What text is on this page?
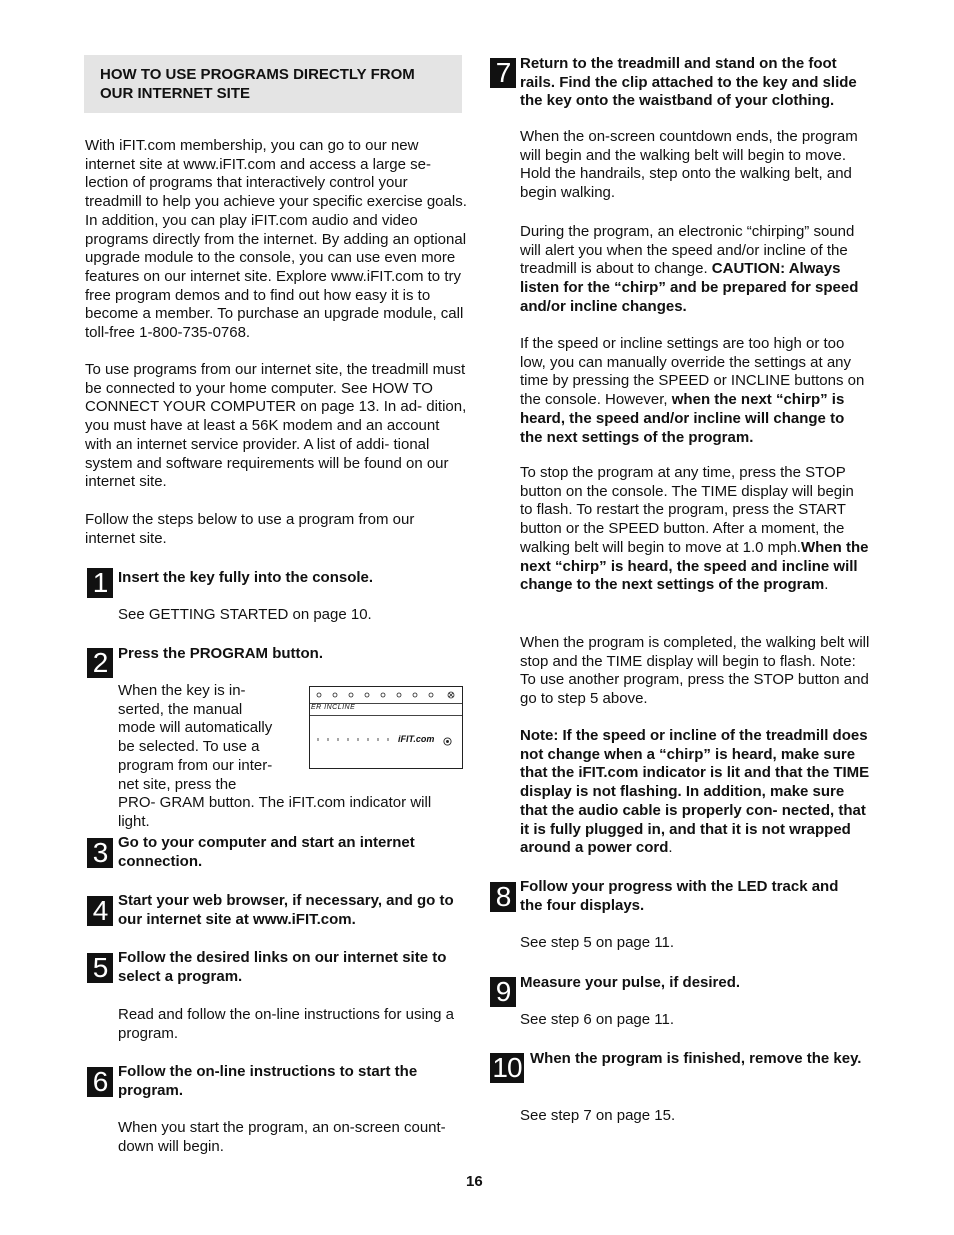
HOW TO USE PROGRAMS DIRECTLY FROM OUR INTERNET SITE

With iFIT.com membership, you can go to our new internet site at www.iFIT.com and access a large se- lection of programs that interactively control your treadmill to help you achieve your specific exercise goals. In addition, you can play iFIT.com audio and video programs directly from the internet. By adding an optional upgrade module to the console, you can use even more features on our internet site. Explore www.iFIT.com to try free program demos and to find out how easy it is to become a member. To purchase an upgrade module, call toll-free 1-800-735-0768.

To use programs from our internet site, the treadmill must be connected to your home computer. See HOW TO CONNECT YOUR COMPUTER on page 13. In ad- dition, you must have at least a 56K modem and an account with an internet service provider. A list of addi- tional system and software requirements will be found on our internet site.

Follow the steps below to use a program from our internet site.

1 Insert the key fully into the console.

See GETTING STARTED on page 10.

2 Press the PROGRAM button.

When the key is in- serted, the manual mode will automatically be selected. To use a program from our inter- net site, press the PRO- GRAM button. The iFIT.com indicator will light.

ER INCLINE
iFIT.com
3 Go to your computer and start an internet connection.

4 Start your web browser, if necessary, and go to our internet site at www.iFIT.com.

5 Follow the desired links on our internet site to select a program.

Read and follow the on-line instructions for using a program.

6 Follow the on-line instructions to start the program.

When you start the program, an on-screen count- down will begin.

7 Return to the treadmill and stand on the foot rails. Find the clip attached to the key and slide the key onto the waistband of your clothing.

When the on-screen countdown ends, the program will begin and the walking belt will begin to move. Hold the handrails, step onto the walking belt, and begin walking.

During the program, an electronic “chirping” sound will alert you when the speed and/or incline of the treadmill is about to change. CAUTION: Always listen for the “chirp” and be prepared for speed and/or incline changes.

If the speed or incline settings are too high or too low, you can manually override the settings at any time by pressing the SPEED or INCLINE buttons on the console. However, when the next “chirp” is heard, the speed and/or incline will change to the next settings of the program.

To stop the program at any time, press the STOP button on the console. The TIME display will begin to flash. To restart the program, press the START button or the SPEED button. After a moment, the walking belt will begin to move at 1.0 mph.When the next “chirp” is heard, the speed and incline will change to the next settings of the program.

When the program is completed, the walking belt will stop and the TIME display will begin to flash. Note: To use another program, press the STOP button and go to step 5 above.

Note: If the speed or incline of the treadmill does not change when a “chirp” is heard, make sure that the iFIT.com indicator is lit and that the TIME display is not flashing. In addition, make sure that the audio cable is properly con- nected, that it is fully plugged in, and that it is not wrapped around a power cord.

8 Follow your progress with the LED track and the four displays.

See step 5 on page 11.

9 Measure your pulse, if desired.

See step 6 on page 11.

10 When the program is finished, remove the key.

See step 7 on page 15.

16
